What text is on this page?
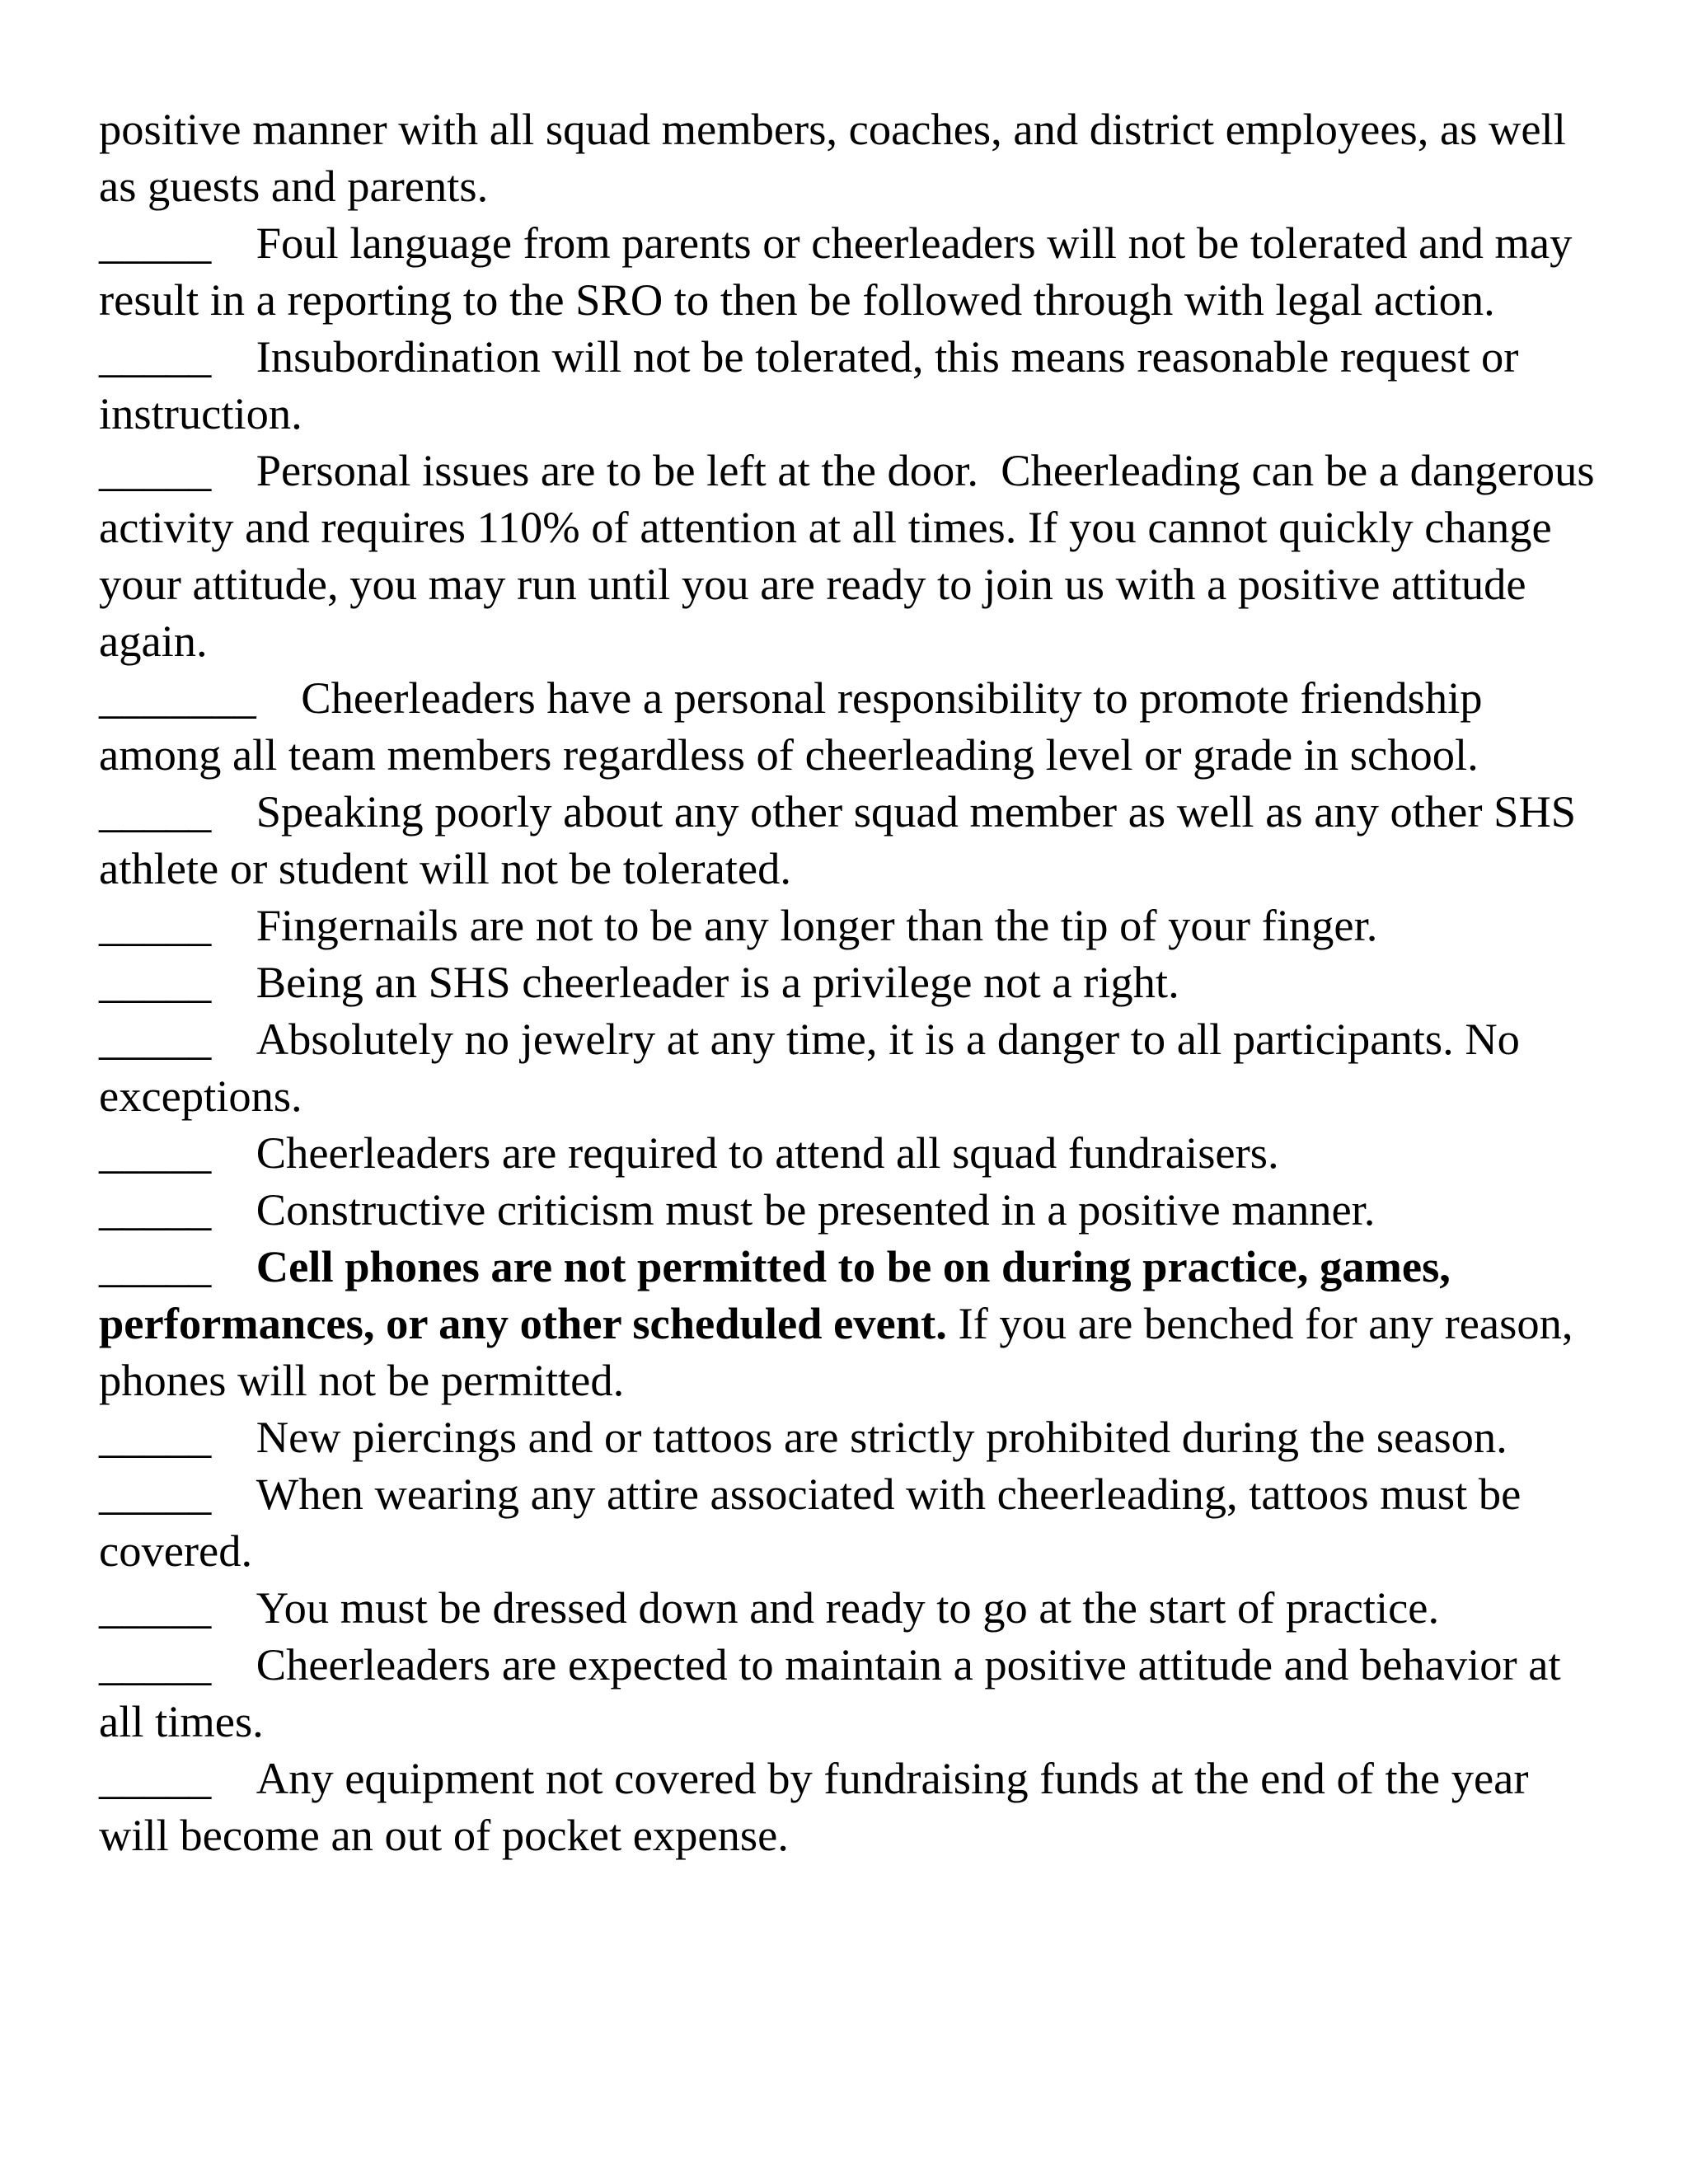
positive manner with all squad members, coaches, and district employees, as well as guests and parents.

_____ Foul language from parents or cheerleaders will not be tolerated and may result in a reporting to the SRO to then be followed through with legal action.

_____ Insubordination will not be tolerated, this means reasonable request or instruction.

_____ Personal issues are to be left at the door.  Cheerleading can be a dangerous activity and requires 110% of attention at all times. If you cannot quickly change your attitude, you may run until you are ready to join us with a positive attitude again.

_______ Cheerleaders have a personal responsibility to promote friendship among all team members regardless of cheerleading level or grade in school.

_____ Speaking poorly about any other squad member as well as any other SHS athlete or student will not be tolerated.

_____ Fingernails are not to be any longer than the tip of your finger.

_____ Being an SHS cheerleader is a privilege not a right.

_____ Absolutely no jewelry at any time, it is a danger to all participants. No exceptions.

_____ Cheerleaders are required to attend all squad fundraisers.

_____ Constructive criticism must be presented in a positive manner.

_____ Cell phones are not permitted to be on during practice, games, performances, or any other scheduled event. If you are benched for any reason, phones will not be permitted.

_____ New piercings and or tattoos are strictly prohibited during the season.

_____ When wearing any attire associated with cheerleading, tattoos must be covered.

_____ You must be dressed down and ready to go at the start of practice.

_____ Cheerleaders are expected to maintain a positive attitude and behavior at all times.

_____ Any equipment not covered by fundraising funds at the end of the year will become an out of pocket expense.
